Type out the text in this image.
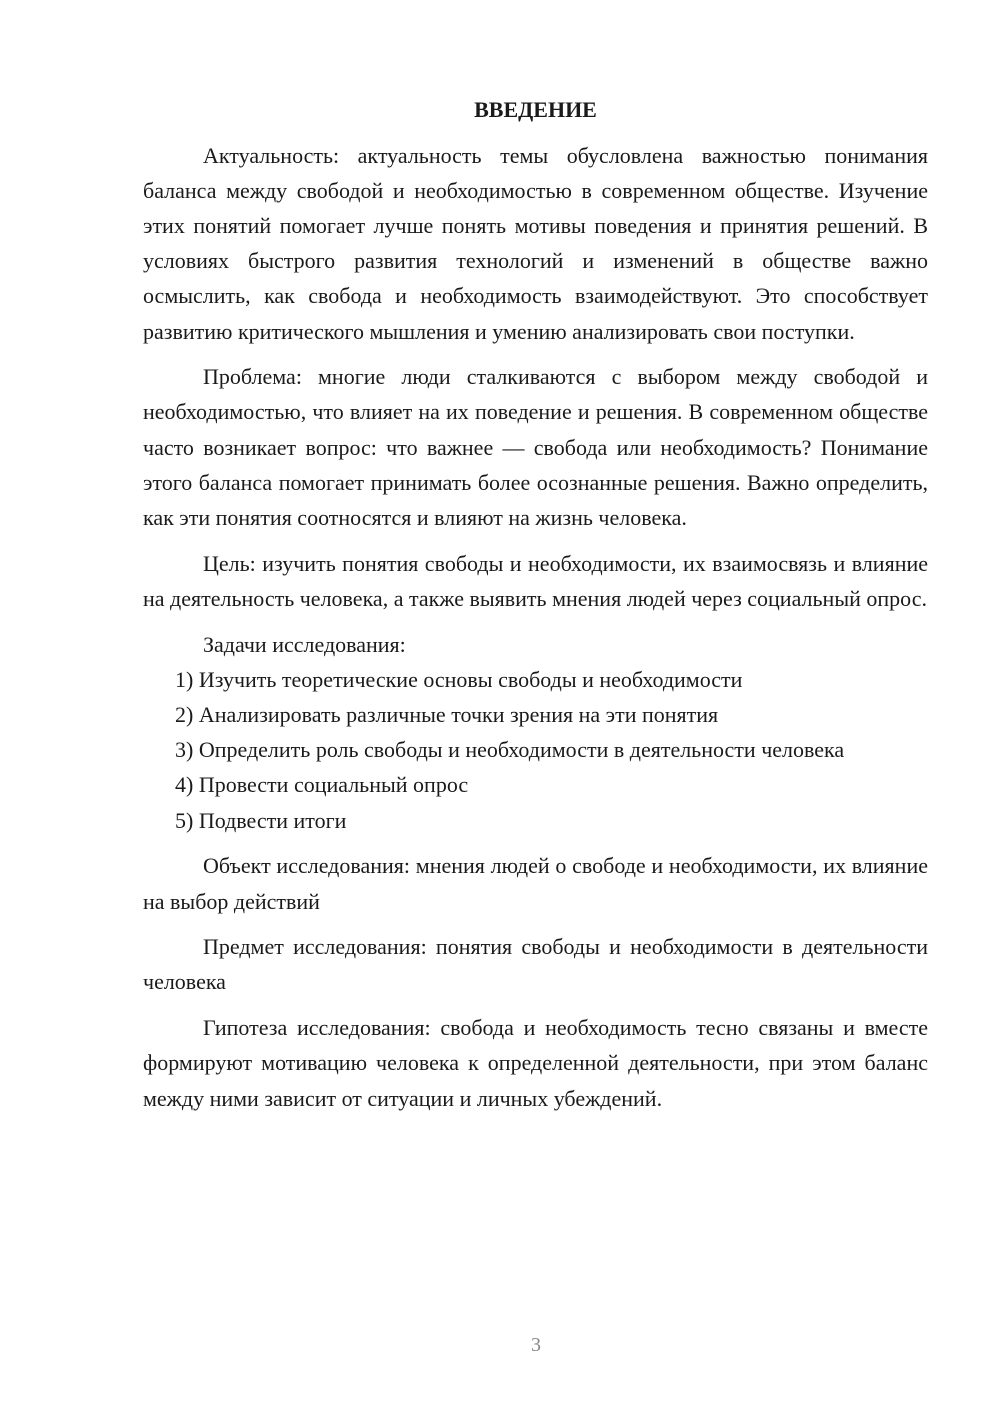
ВВЕДЕНИЕ

Актуальность: актуальность темы обусловлена важностью понимания баланса между свободой и необходимостью в современном обществе. Изучение этих понятий помогает лучше понять мотивы поведения и принятия решений. В условиях быстрого развития технологий и изменений в обществе важно осмыслить, как свобода и необходимость взаимодействуют. Это способствует развитию критического мышления и умению анализировать свои поступки.

Проблема: многие люди сталкиваются с выбором между свободой и необходимостью, что влияет на их поведение и решения. В современном обществе часто возникает вопрос: что важнее — свобода или необходимость? Понимание этого баланса помогает принимать более осознанные решения. Важно определить, как эти понятия соотносятся и влияют на жизнь человека.

Цель: изучить понятия свободы и необходимости, их взаимосвязь и влияние на деятельность человека, а также выявить мнения людей через социальный опрос.

Задачи исследования:

1) Изучить теоретические основы свободы и необходимости

2) Анализировать различные точки зрения на эти понятия

3) Определить роль свободы и необходимости в деятельности человека

4) Провести социальный опрос

5) Подвести итоги

Объект исследования: мнения людей о свободе и необходимости, их влияние на выбор действий

Предмет исследования: понятия свободы и необходимости в деятельности человека

Гипотеза исследования: свобода и необходимость тесно связаны и вместе формируют мотивацию человека к определенной деятельности, при этом баланс между ними зависит от ситуации и личных убеждений.

3
